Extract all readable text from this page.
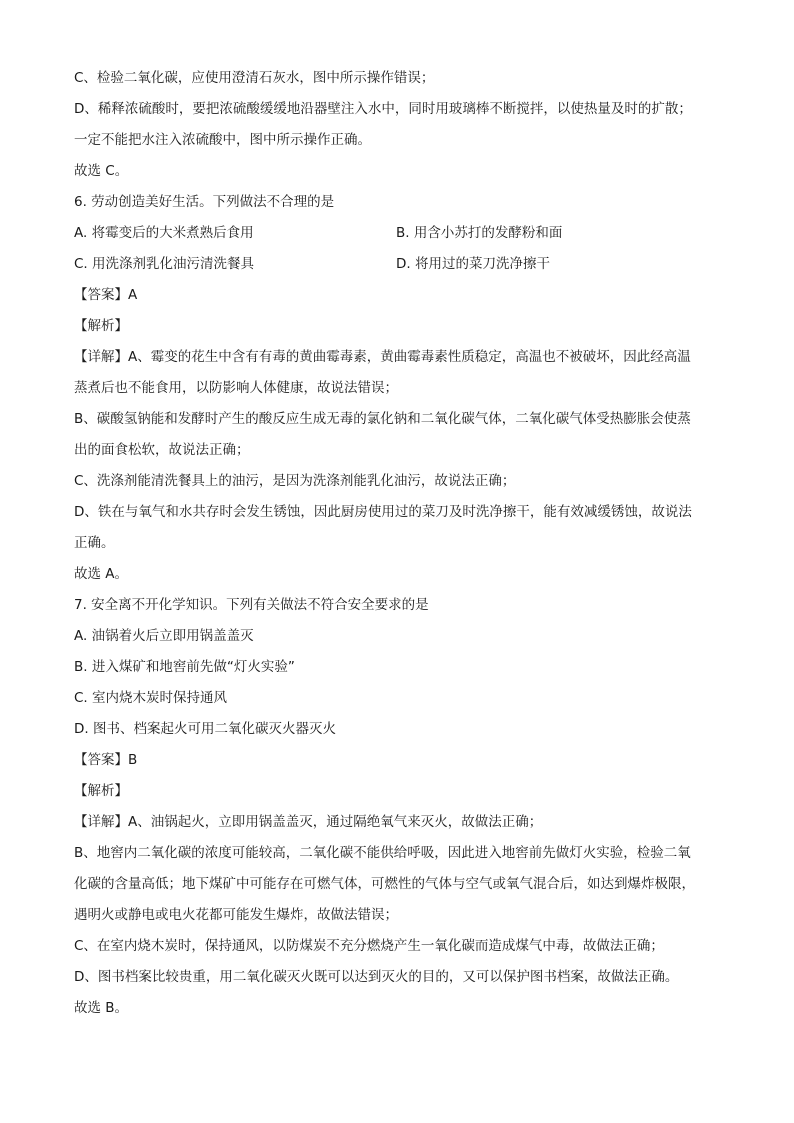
C、检验二氧化碳，应使用澄清石灰水，图中所示操作错误；
D、稀释浓硫酸时，要把浓硫酸缓缓地沿器壁注入水中，同时用玻璃棒不断搅拌，以使热量及时的扩散；
一定不能把水注入浓硫酸中，图中所示操作正确。
故选 C。
6. 劳动创造美好生活。下列做法不合理的是
A. 将霉变后的大米煮熟后食用	B. 用含小苏打的发酵粉和面
C. 用洗涤剂乳化油污清洗餐具	D. 将用过的菜刀洗净擦干
【答案】A
【解析】
【详解】A、霉变的花生中含有有毒的黄曲霉毒素，黄曲霉毒素性质稳定，高温也不被破坏，因此经高温
蒸煮后也不能食用，以防影响人体健康，故说法错误；
B、碳酸氢钠能和发酵时产生的酸反应生成无毒的氯化钠和二氧化碳气体，二氧化碳气体受热膨胀会使蒸
出的面食松软，故说法正确；
C、洗涤剂能清洗餐具上的油污，是因为洗涤剂能乳化油污，故说法正确；
D、铁在与氧气和水共存时会发生锈蚀，因此厨房使用过的菜刀及时洗净擦干，能有效减缓锈蚀，故说法
正确。
故选 A。
7. 安全离不开化学知识。下列有关做法不符合安全要求的是
A. 油锅着火后立即用锅盖盖灭
B. 进入煤矿和地窖前先做“灯火实验”
C. 室内烧木炭时保持通风
D. 图书、档案起火可用二氧化碳灭火器灭火
【答案】B
【解析】
【详解】A、油锅起火，立即用锅盖盖灭，通过隔绝氧气来灭火，故做法正确；
B、地窖内二氧化碳的浓度可能较高，二氧化碳不能供给呼吸，因此进入地窖前先做灯火实验，检验二氧
化碳的含量高低；地下煤矿中可能存在可燃气体，可燃性的气体与空气或氧气混合后，如达到爆炸极限，
遇明火或静电或电火花都可能发生爆炸，故做法错误；
C、在室内烧木炭时，保持通风，以防煤炭不充分燃烧产生一氧化碳而造成煤气中毒，故做法正确；
D、图书档案比较贵重，用二氧化碳灭火既可以达到灭火的目的，又可以保护图书档案，故做法正确。
故选 B。
